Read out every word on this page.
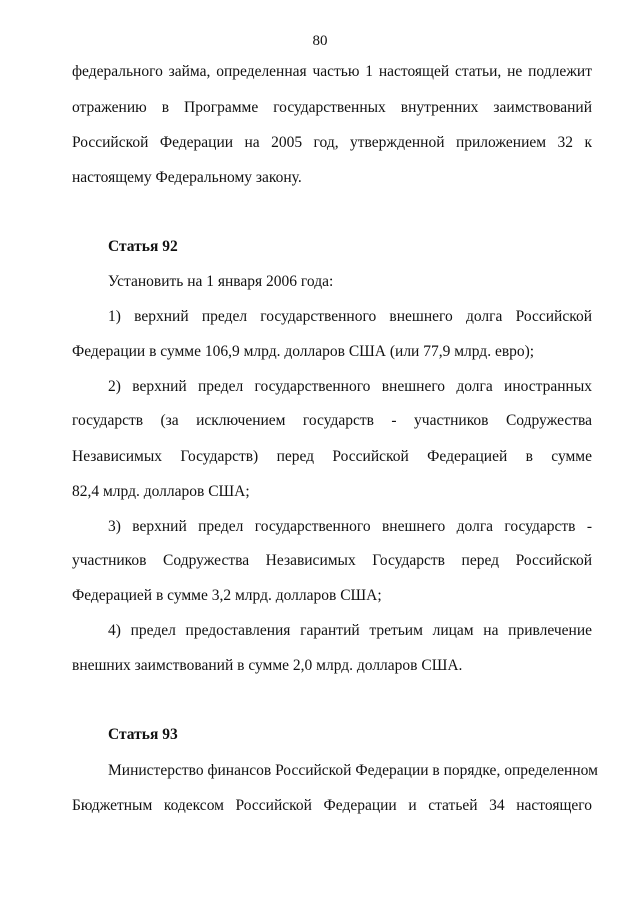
80
федерального займа, определенная частью 1 настоящей статьи, не подлежит
отражению в Программе государственных внутренних заимствований
Российской Федерации на 2005 год, утвержденной приложением 32 к
настоящему Федеральному закону.
Статья 92
Установить на 1 января 2006 года:
1) верхний предел государственного внешнего долга Российской
Федерации в сумме 106,9 млрд. долларов США (или 77,9 млрд. евро);
2) верхний предел государственного внешнего долга иностранных
государств (за исключением государств - участников Содружества
Независимых Государств) перед Российской Федерацией в сумме
82,4 млрд. долларов США;
3) верхний предел государственного внешнего долга государств -
участников Содружества Независимых Государств перед Российской
Федерацией в сумме 3,2 млрд. долларов США;
4) предел предоставления гарантий третьим лицам на привлечение
внешних заимствований в сумме 2,0 млрд. долларов США.
Статья 93
Министерство финансов Российской Федерации в порядке, определенном
Бюджетным кодексом Российской Федерации и статьей 34 настоящего
